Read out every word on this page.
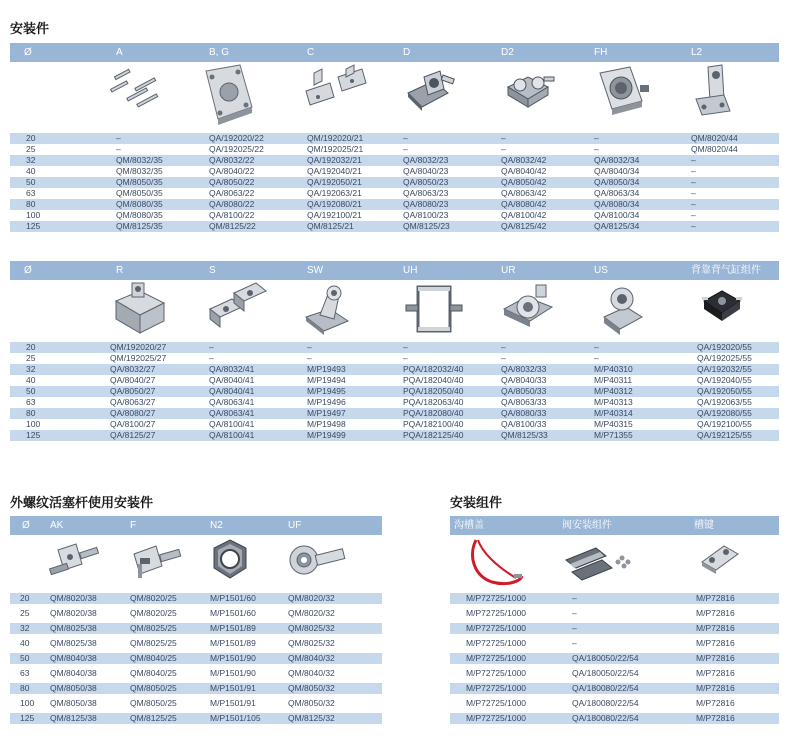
安装件
Ø	A	B, G	C	D	D2	FH	L2
20	–	QA/192020/22	QM/192020/21	–	–	–	QM/8020/44
25	–	QA/192025/22	QM/192025/21	–	–	–	QM/8020/44
32	QM/8032/35	QA/8032/22	QA/192032/21	QA/8032/23	QA/8032/42	QA/8032/34	–
40	QM/8032/35	QA/8040/22	QA/192040/21	QA/8040/23	QA/8040/42	QA/8040/34	–
50	QM/8050/35	QA/8050/22	QA/192050/21	QA/8050/23	QA/8050/42	QA/8050/34	–
63	QM/8050/35	QA/8063/22	QA/192063/21	QA/8063/23	QA/8063/42	QA/8063/34	–
80	QM/8080/35	QA/8080/22	QA/192080/21	QA/8080/23	QA/8080/42	QA/8080/34	–
100	QM/8080/35	QA/8100/22	QA/192100/21	QA/8100/23	QA/8100/42	QA/8100/34	–
125	QM/8125/35	QM/8125/22	QM/8125/21	QM/8125/23	QA/8125/42	QA/8125/34	–
Ø	R	S	SW	UH	UR	US	背靠背气缸组件
20	QM/192020/27	–	–	–	–	–	QA/192020/55
25	QM/192025/27	–	–	–	–	–	QA/192025/55
32	QA/8032/27	QA/8032/41	M/P19493	PQA/182032/40	QA/8032/33	M/P40310	QA/192032/55
40	QA/8040/27	QA/8040/41	M/P19494	PQA/182040/40	QA/8040/33	M/P40311	QA/192040/55
50	QA/8050/27	QA/8040/41	M/P19495	PQA/182050/40	QA/8050/33	M/P40312	QA/192050/55
63	QA/8063/27	QA/8063/41	M/P19496	PQA/182063/40	QA/8063/33	M/P40313	QA/192063/55
80	QA/8080/27	QA/8063/41	M/P19497	PQA/182080/40	QA/8080/33	M/P40314	QA/192080/55
100	QA/8100/27	QA/8100/41	M/P19498	PQA/182100/40	QA/8100/33	M/P40315	QA/192100/55
125	QA/8125/27	QA/8100/41	M/P19499	PQA/182125/40	QM/8125/33	M/P71355	QA/192125/55
外螺纹活塞杆使用安装件
Ø AK	F	N2	UF
20 QM/8020/38	QM/8020/25	M/P1501/60	QM/8020/32
25 QM/8020/38	QM/8020/25	M/P1501/60	QM/8020/32
32 QM/8025/38	QM/8025/25	M/P1501/89	QM/8025/32
40 QM/8025/38	QM/8025/25	M/P1501/89	QM/8025/32
50 QM/8040/38	QM/8040/25	M/P1501/90	QM/8040/32
63 QM/8040/38	QM/8040/25	M/P1501/90	QM/8040/32
80 QM/8050/38	QM/8050/25	M/P1501/91	QM/8050/32
100 QM/8050/38	QM/8050/25	M/P1501/91	QM/8050/32
125 QM/8125/38	QM/8125/25	M/P1501/105	QM/8125/32
安装组件
沟槽盖	阀安装组件	槽键
M/P72725/1000	–	M/P72816
M/P72725/1000	–	M/P72816
M/P72725/1000	–	M/P72816
M/P72725/1000	–	M/P72816
M/P72725/1000	QA/180050/22/54	M/P72816
M/P72725/1000	QA/180050/22/54	M/P72816
M/P72725/1000	QA/180080/22/54	M/P72816
M/P72725/1000	QA/180080/22/54	M/P72816
M/P72725/1000	QA/180080/22/54	M/P72816
